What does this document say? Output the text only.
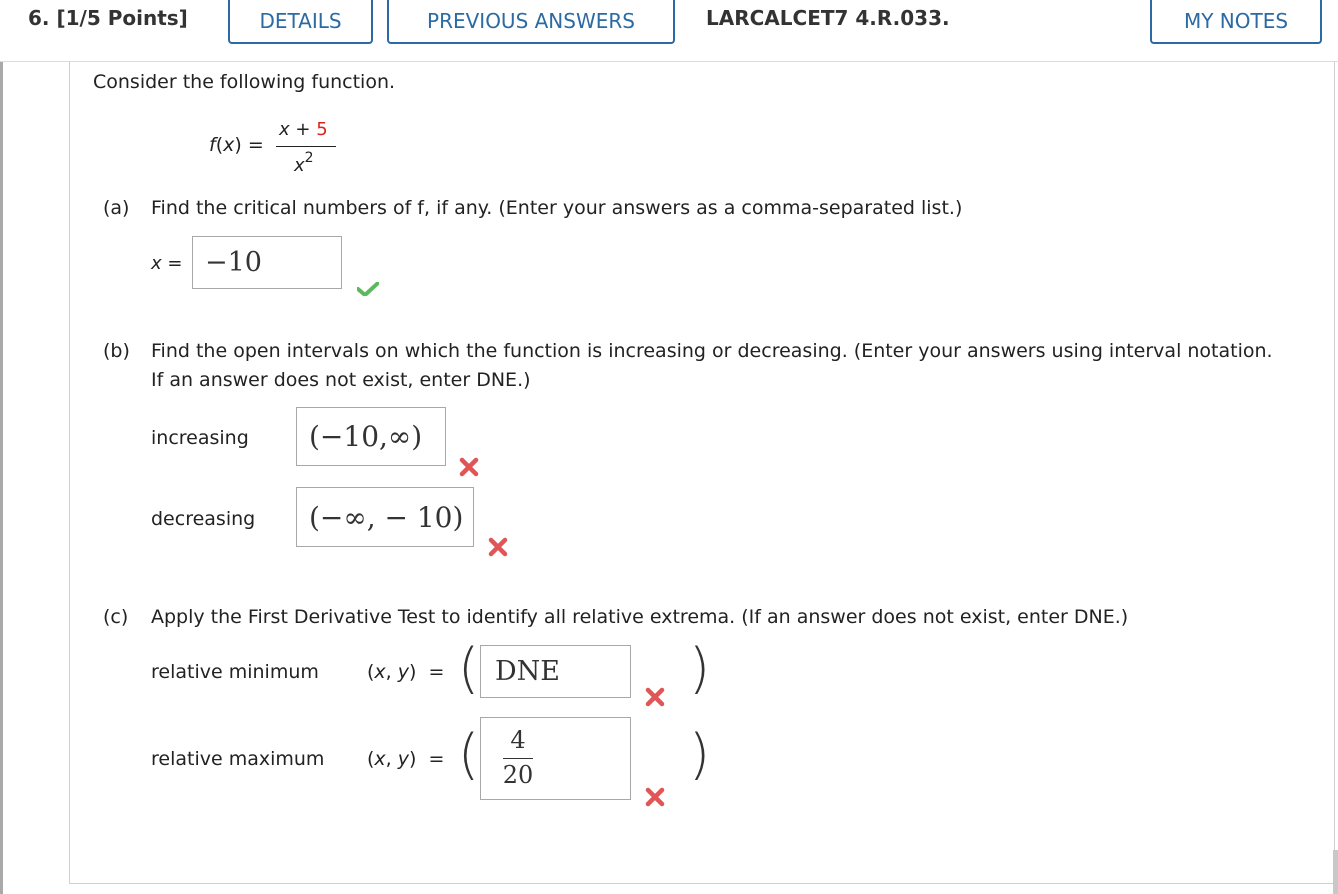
6. [1/5 Points]	DETAILS	PREVIOUS ANSWERS	LARCALCET7 4.R.033.	MY NOTES
Consider the following function.
f(x) =
x + 5
$x^2$
(a) Find the critical numbers of f, if any. (Enter your answers as a comma-separated list.)
x = −10
(b) Find the open intervals on which the function is increasing or decreasing. (Enter your answers using interval notation.
If an answer does not exist, enter DNE.)
increasing	(−10,∞)
decreasing	(−∞, − 10)
(c) Apply the First Derivative Test to identify all relative extrema. (If an answer does not exist, enter DNE.)
relative minimum	(x, y)  = ( DNE	)
relative maximum (x, y)  = ( 4
20	)
